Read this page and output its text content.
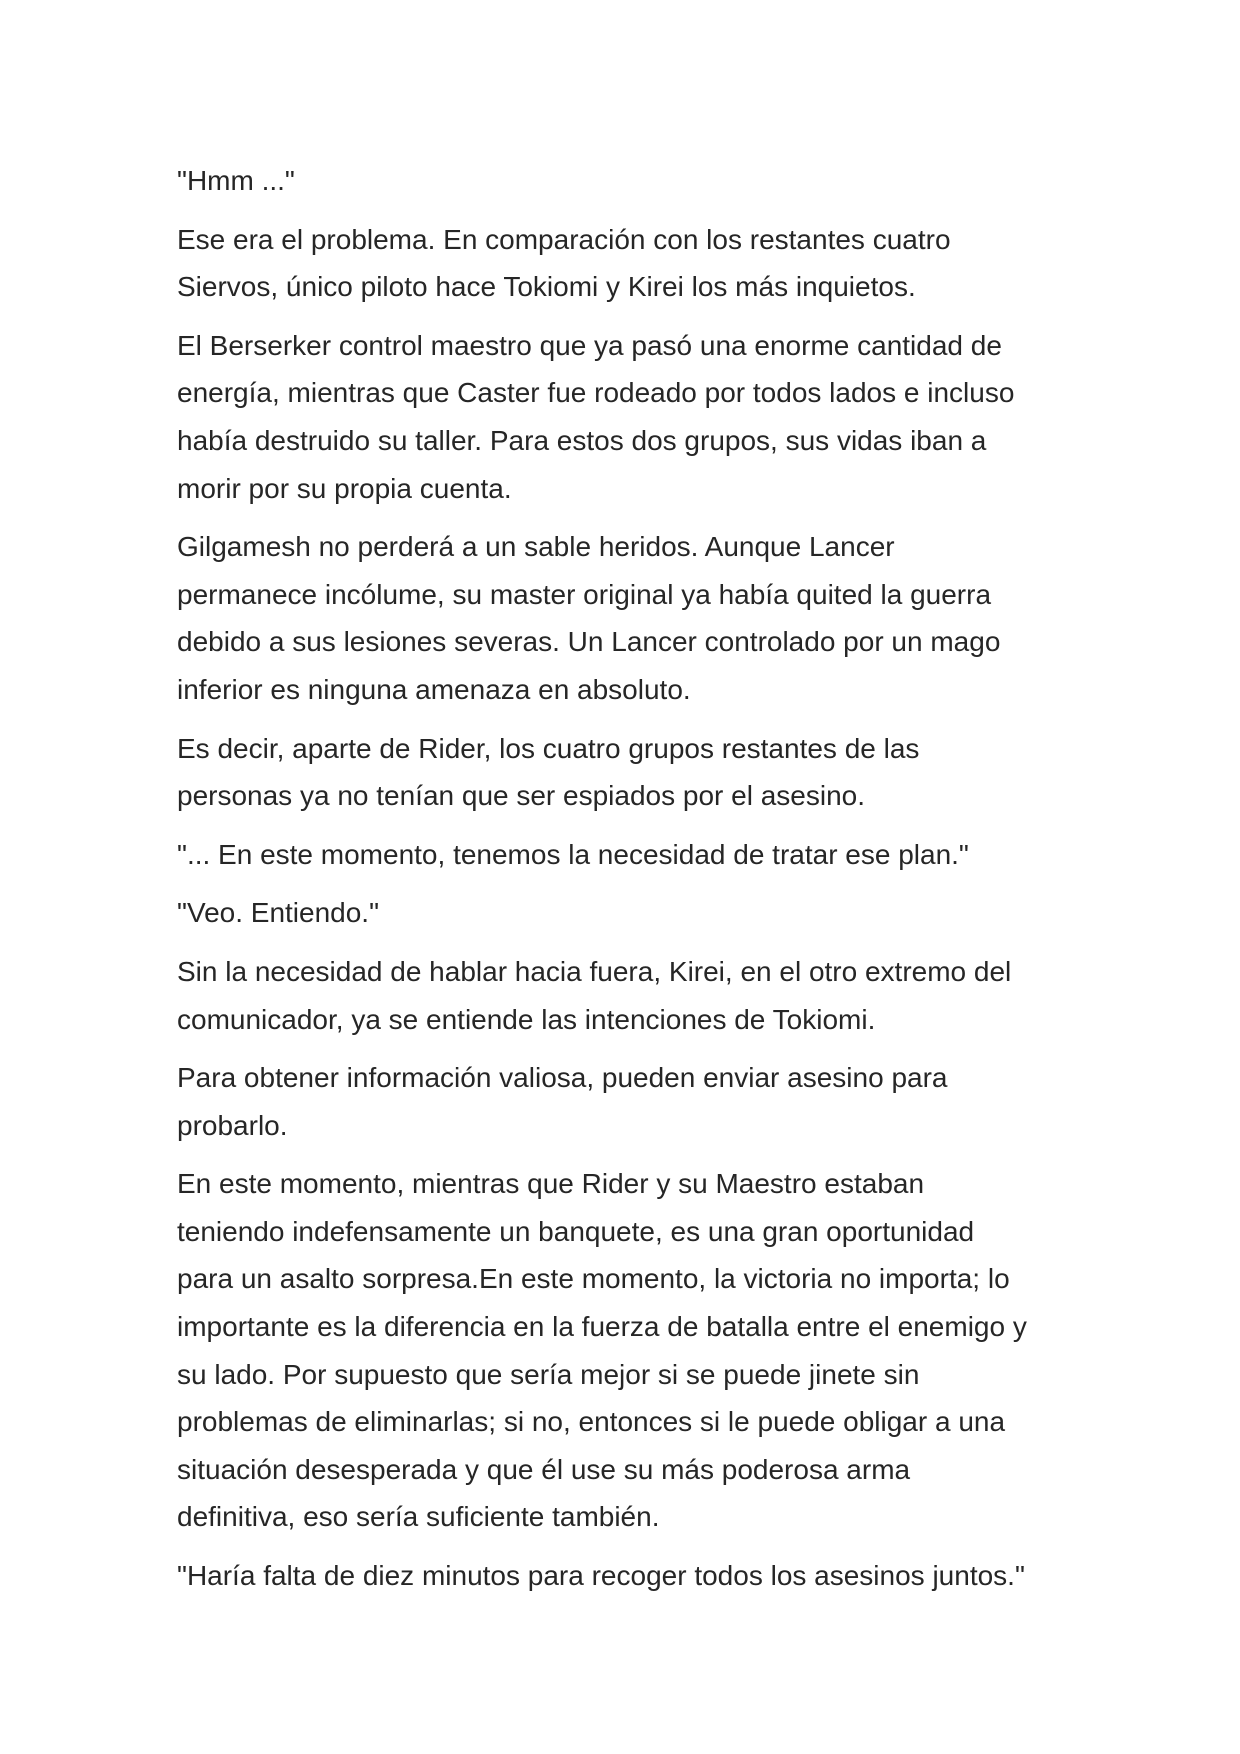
"Hmm ..."

Ese era el problema. En comparación con los restantes cuatro
Siervos, único piloto hace Tokiomi y Kirei los más inquietos.

El Berserker control maestro que ya pasó una enorme cantidad de
energía, mientras que Caster fue rodeado por todos lados e incluso
había destruido su taller. Para estos dos grupos, sus vidas iban a
morir por su propia cuenta.

Gilgamesh no perderá a un sable heridos. Aunque Lancer
permanece incólume, su master original ya había quited la guerra
debido a sus lesiones severas. Un Lancer controlado por un mago
inferior es ninguna amenaza en absoluto.

Es decir, aparte de Rider, los cuatro grupos restantes de las
personas ya no tenían que ser espiados por el asesino.

"... En este momento, tenemos la necesidad de tratar ese plan."

"Veo. Entiendo."

Sin la necesidad de hablar hacia fuera, Kirei, en el otro extremo del
comunicador, ya se entiende las intenciones de Tokiomi.

Para obtener información valiosa, pueden enviar asesino para
probarlo.

En este momento, mientras que Rider y su Maestro estaban
teniendo indefensamente un banquete, es una gran oportunidad
para un asalto sorpresa.En este momento, la victoria no importa; lo
importante es la diferencia en la fuerza de batalla entre el enemigo y
su lado. Por supuesto que sería mejor si se puede jinete sin
problemas de eliminarlas; si no, entonces si le puede obligar a una
situación desesperada y que él use su más poderosa arma
definitiva, eso sería suficiente también.

"Haría falta de diez minutos para recoger todos los asesinos juntos."
